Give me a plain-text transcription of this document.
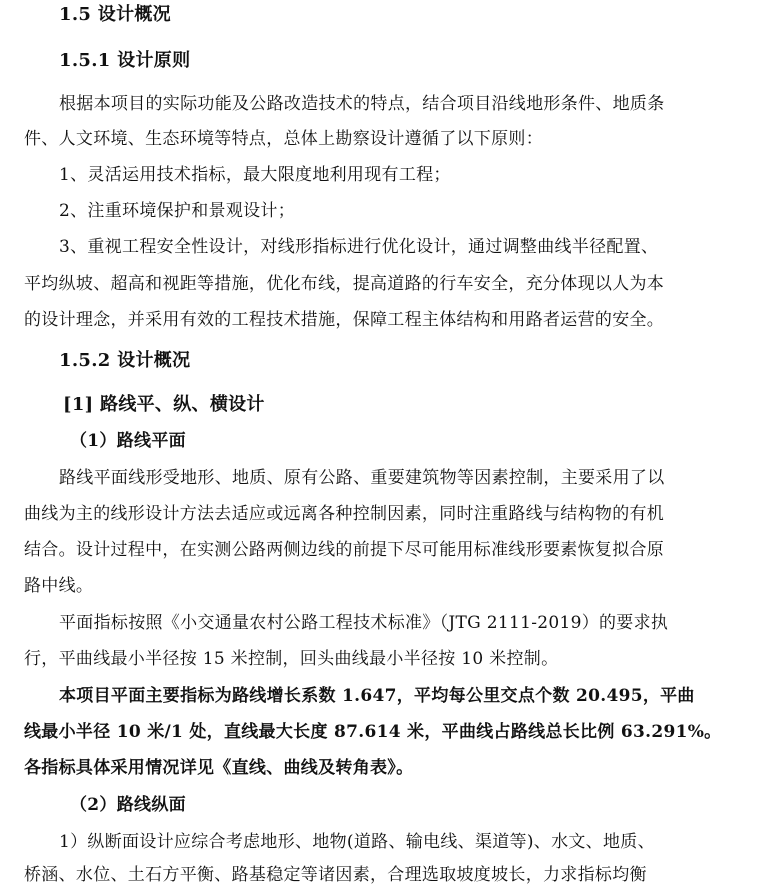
1.5 设计概况
1.5.1 设计原则
根据本项目的实际功能及公路改造技术的特点，结合项目沿线地形条件、地质条
件、人文环境、生态环境等特点，总体上勘察设计遵循了以下原则：
1、灵活运用技术指标，最大限度地利用现有工程；
2、注重环境保护和景观设计；
3、重视工程安全性设计，对线形指标进行优化设计，通过调整曲线半径配置、
平均纵坡、超高和视距等措施，优化布线，提高道路的行车安全，充分体现以人为本
的设计理念，并采用有效的工程技术措施，保障工程主体结构和用路者运营的安全。
1.5.2 设计概况
[1] 路线平、纵、横设计
（1）路线平面
路线平面线形受地形、地质、原有公路、重要建筑物等因素控制，主要采用了以
曲线为主的线形设计方法去适应或远离各种控制因素，同时注重路线与结构物的有机
结合。设计过程中，在实测公路两侧边线的前提下尽可能用标准线形要素恢复拟合原
路中线。
平面指标按照《小交通量农村公路工程技术标准》（JTG 2111-2019）的要求执
行，平曲线最小半径按 15 米控制，回头曲线最小半径按 10 米控制。
本项目平面主要指标为路线增长系数 1.647，平均每公里交点个数 20.495，平曲
线最小半径 10 米/1 处，直线最大长度 87.614 米，平曲线占路线总长比例 63.291%。
各指标具体采用情况详见《直线、曲线及转角表》。
（2）路线纵面
1）纵断面设计应综合考虑地形、地物(道路、输电线、渠道等)、水文、地质、
桥涵、水位、土石方平衡、路基稳定等诸因素，合理选取坡度坡长，力求指标均衡
